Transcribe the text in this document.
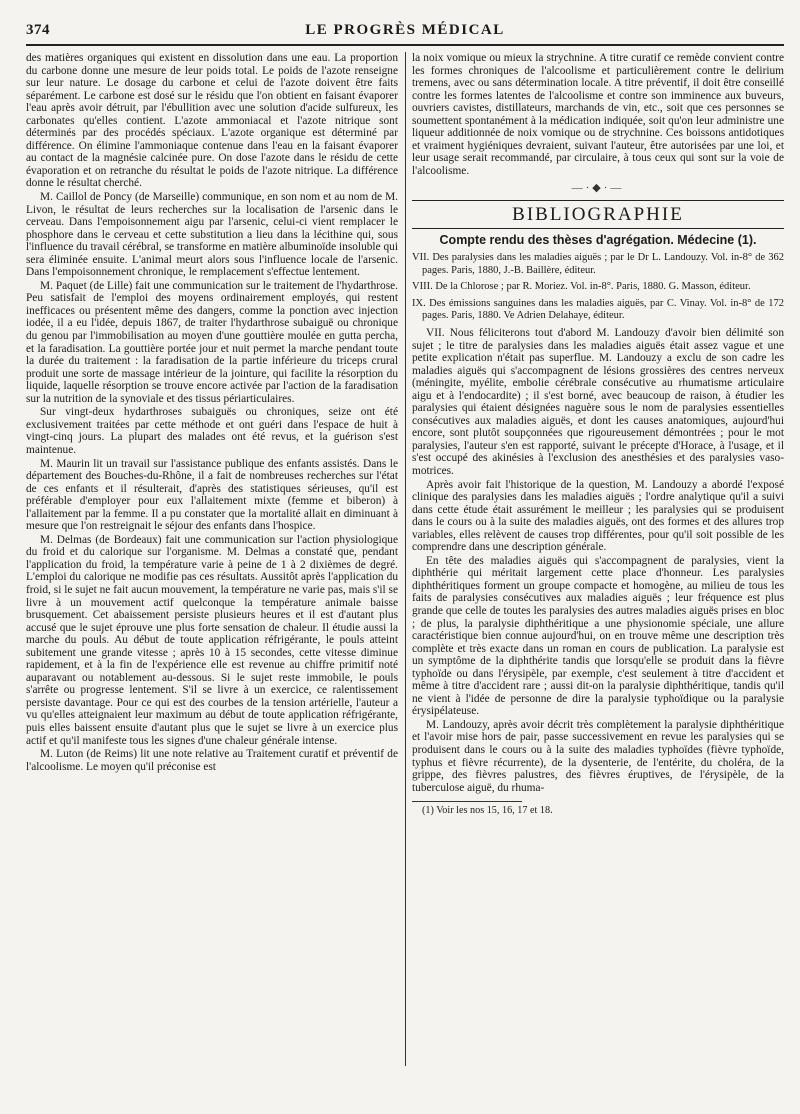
374	LE PROGRÈS MÉDICAL

des matières organiques qui existent en dissolution dans une eau. La proportion du carbone donne une mesure de leur poids total. Le poids de l'azote renseigne sur leur nature. Le dosage du carbone et celui de l'azote doivent être faits séparément. Le carbone est dosé sur le résidu que l'on obtient en faisant évaporer l'eau après avoir détruit, par l'ébullition avec une solution d'acide sulfureux, les carbonates qu'elles contient. L'azote ammoniacal et l'azote nitrique sont déterminés par des procédés spéciaux. L'azote organique est déterminé par différence. On élimine l'ammoniaque contenue dans l'eau en la faisant évaporer au contact de la magnésie calcinée pure. On dose l'azote dans le résidu de cette évaporation et on retranche du résultat le poids de l'azote nitrique. La différence donne le résultat cherché.

M. Caillol de Poncy (de Marseille) communique, en son nom et au nom de M. Livon, le résultat de leurs recherches sur la localisation de l'arsenic dans le cerveau. Dans l'empoisonnement aigu par l'arsenic, celui-ci vient remplacer le phosphore dans le cerveau et cette substitution a lieu dans la lécithine qui, sous l'influence du travail cérébral, se transforme en matière albuminoïde insoluble qui sera éliminée ensuite. L'animal meurt alors sous l'influence locale de l'arsenic. Dans l'empoisonnement chronique, le remplacement s'effectue lentement.

M. Paquet (de Lille) fait une communication sur le traitement de l'hydarthrose. Peu satisfait de l'emploi des moyens ordinairement employés, qui restent inefficaces ou présentent même des dangers, comme la ponction avec injection iodée, il a eu l'idée, depuis 1867, de traiter l'hydarthrose subaiguë ou chronique du genou par l'immobilisation au moyen d'une gouttière moulée en gutta percha, et la faradisation. La gouttière portée jour et nuit permet la marche pendant toute la durée du traitement : la faradisation de la partie inférieure du triceps crural produit une sorte de massage intérieur de la jointure, qui facilite la résorption du liquide, laquelle résorption se trouve encore activée par l'action de la faradisation sur la nutrition de la synoviale et des tissus périarticulaires.

Sur vingt-deux hydarthroses subaiguës ou chroniques, seize ont été exclusivement traitées par cette méthode et ont guéri dans l'espace de huit à vingt-cinq jours. La plupart des malades ont été revus, et la guérison s'est maintenue.

M. Maurin lit un travail sur l'assistance publique des enfants assistés. Dans le département des Bouches-du-Rhône, il a fait de nombreuses recherches sur l'état de ces enfants et il résulterait, d'après des statistiques sérieuses, qu'il est préférable d'employer pour eux l'allaitement mixte (femme et biberon) à l'allaitement par la femme. Il a pu constater que la mortalité allait en diminuant à mesure que l'on restreignait le séjour des enfants dans l'hospice.

M. Delmas (de Bordeaux) fait une communication sur l'action physiologique du froid et du calorique sur l'organisme. M. Delmas a constaté que, pendant l'application du froid, la température varie à peine de 1 à 2 dixièmes de degré. L'emploi du calorique ne modifie pas ces résultats. Aussitôt après l'application du froid, si le sujet ne fait aucun mouvement, la température ne varie pas, mais s'il se livre à un mouvement actif quelconque la température animale baisse brusquement. Cet abaissement persiste plusieurs heures et il est d'autant plus accusé que le sujet éprouve une plus forte sensation de chaleur. Il étudie aussi la marche du pouls. Au début de toute application réfrigérante, le pouls atteint subitement une grande vitesse ; après 10 à 15 secondes, cette vitesse diminue rapidement, et à la fin de l'expérience elle est revenue au chiffre primitif noté auparavant ou notablement au-dessous. Si le sujet reste immobile, le pouls s'arrête ou progresse lentement. S'il se livre à un exercice, ce ralentissement persiste davantage. Pour ce qui est des courbes de la tension artérielle, l'auteur a vu qu'elles atteignaient leur maximum au début de toute application réfrigérante, puis elles baissent ensuite d'autant plus que le sujet se livre à un exercice plus actif et qu'il manifeste tous les signes d'une chaleur générale intense.

M. Luton (de Reims) lit une note relative au Traitement curatif et préventif de l'alcoolisme. Le moyen qu'il préconise est

la noix vomique ou mieux la strychnine. A titre curatif ce remède convient contre les formes chroniques de l'alcoolisme et particulièrement contre le delirium tremens, avec ou sans détermination locale. A titre préventif, il doit être conseillé contre les formes latentes de l'alcoolisme et contre son imminence aux buveurs, ouvriers cavistes, distillateurs, marchands de vin, etc., soit que ces personnes se soumettent spontanément à la médication indiquée, soit qu'on leur administre une liqueur additionnée de noix vomique ou de strychnine. Ces boissons antidotiques et vraiment hygiéniques devraient, suivant l'auteur, être autorisées par une loi, et leur usage serait recommandé, par circulaire, à tous ceux qui sont sur la voie de l'alcoolisme.

—·◆·—
BIBLIOGRAPHIE
Compte rendu des thèses d'agrégation. Médecine (1).
VII. Des paralysies dans les maladies aiguës ; par le Dr L. Landouzy. Vol. in-8° de 362 pages. Paris, 1880, J.-B. Baillère, éditeur.
VIII. De la Chlorose ; par R. Moriez. Vol. in-8°. Paris, 1880. G. Masson, éditeur.
IX. Des émissions sanguines dans les maladies aiguës, par C. Vinay. Vol. in-8° de 172 pages. Paris, 1880. Ve Adrien Delahaye, éditeur.

VII. Nous féliciterons tout d'abord M. Landouzy d'avoir bien délimité son sujet ; le titre de paralysies dans les maladies aiguës était assez vague et une petite explication n'était pas superflue. M. Landouzy a exclu de son cadre les maladies aiguës qui s'accompagnent de lésions grossières des centres nerveux (méningite, myélite, embolie cérébrale consécutive au rhumatisme articulaire aigu et à l'endocardite) ; il s'est borné, avec beaucoup de raison, à étudier les paralysies qui étaient désignées naguère sous le nom de paralysies essentielles consécutives aux maladies aiguës, et dont les causes anatomiques, aujourd'hui encore, sont plutôt soupçonnées que rigoureusement démontrées ; pour le mot paralysies, l'auteur s'en est rapporté, suivant le précepte d'Horace, à l'usage, et il s'est occupé des akinésies à l'exclusion des anesthésies et des paralysies vaso-motrices.

Après avoir fait l'historique de la question, M. Landouzy a abordé l'exposé clinique des paralysies dans les maladies aiguës ; l'ordre analytique qu'il a suivi dans cette étude était assurément le meilleur ; les paralysies qui se produisent dans le cours ou à la suite des maladies aiguës, ont des formes et des allures trop variables, elles relèvent de causes trop différentes, pour qu'il soit possible de les comprendre dans une description générale.

En tête des maladies aiguës qui s'accompagnent de paralysies, vient la diphthérie qui méritait largement cette place d'honneur. Les paralysies diphthéritiques forment un groupe compacte et homogène, au milieu de tous les faits de paralysies consécutives aux maladies aiguës ; leur fréquence est plus grande que celle de toutes les paralysies des autres maladies aiguës prises en bloc ; de plus, la paralysie diphthéritique a une physionomie spéciale, une allure caractéristique bien connue aujourd'hui, on en trouve même une description très complète et très exacte dans un roman en cours de publication. La paralysie est un symptôme de la diphthérite tandis que lorsqu'elle se produit dans la fièvre typhoïde ou dans l'érysipèle, par exemple, c'est seulement à titre d'accident et même à titre d'accident rare ; aussi dit-on la paralysie diphthéritique, tandis qu'il ne vient à l'idée de personne de dire la paralysie typhoïdique ou la paralysie érysipélateuse.

M. Landouzy, après avoir décrit très complètement la paralysie diphthéritique et l'avoir mise hors de pair, passe successivement en revue les paralysies qui se produisent dans le cours ou à la suite des maladies typhoïdes (fièvre typhoïde, typhus et fièvre récurrente), de la dysenterie, de l'entérite, du choléra, de la grippe, des fièvres palustres, des fièvres éruptives, de l'érysipèle, de la tuberculose aiguë, du rhuma-

(1) Voir les nos 15, 16, 17 et 18.
